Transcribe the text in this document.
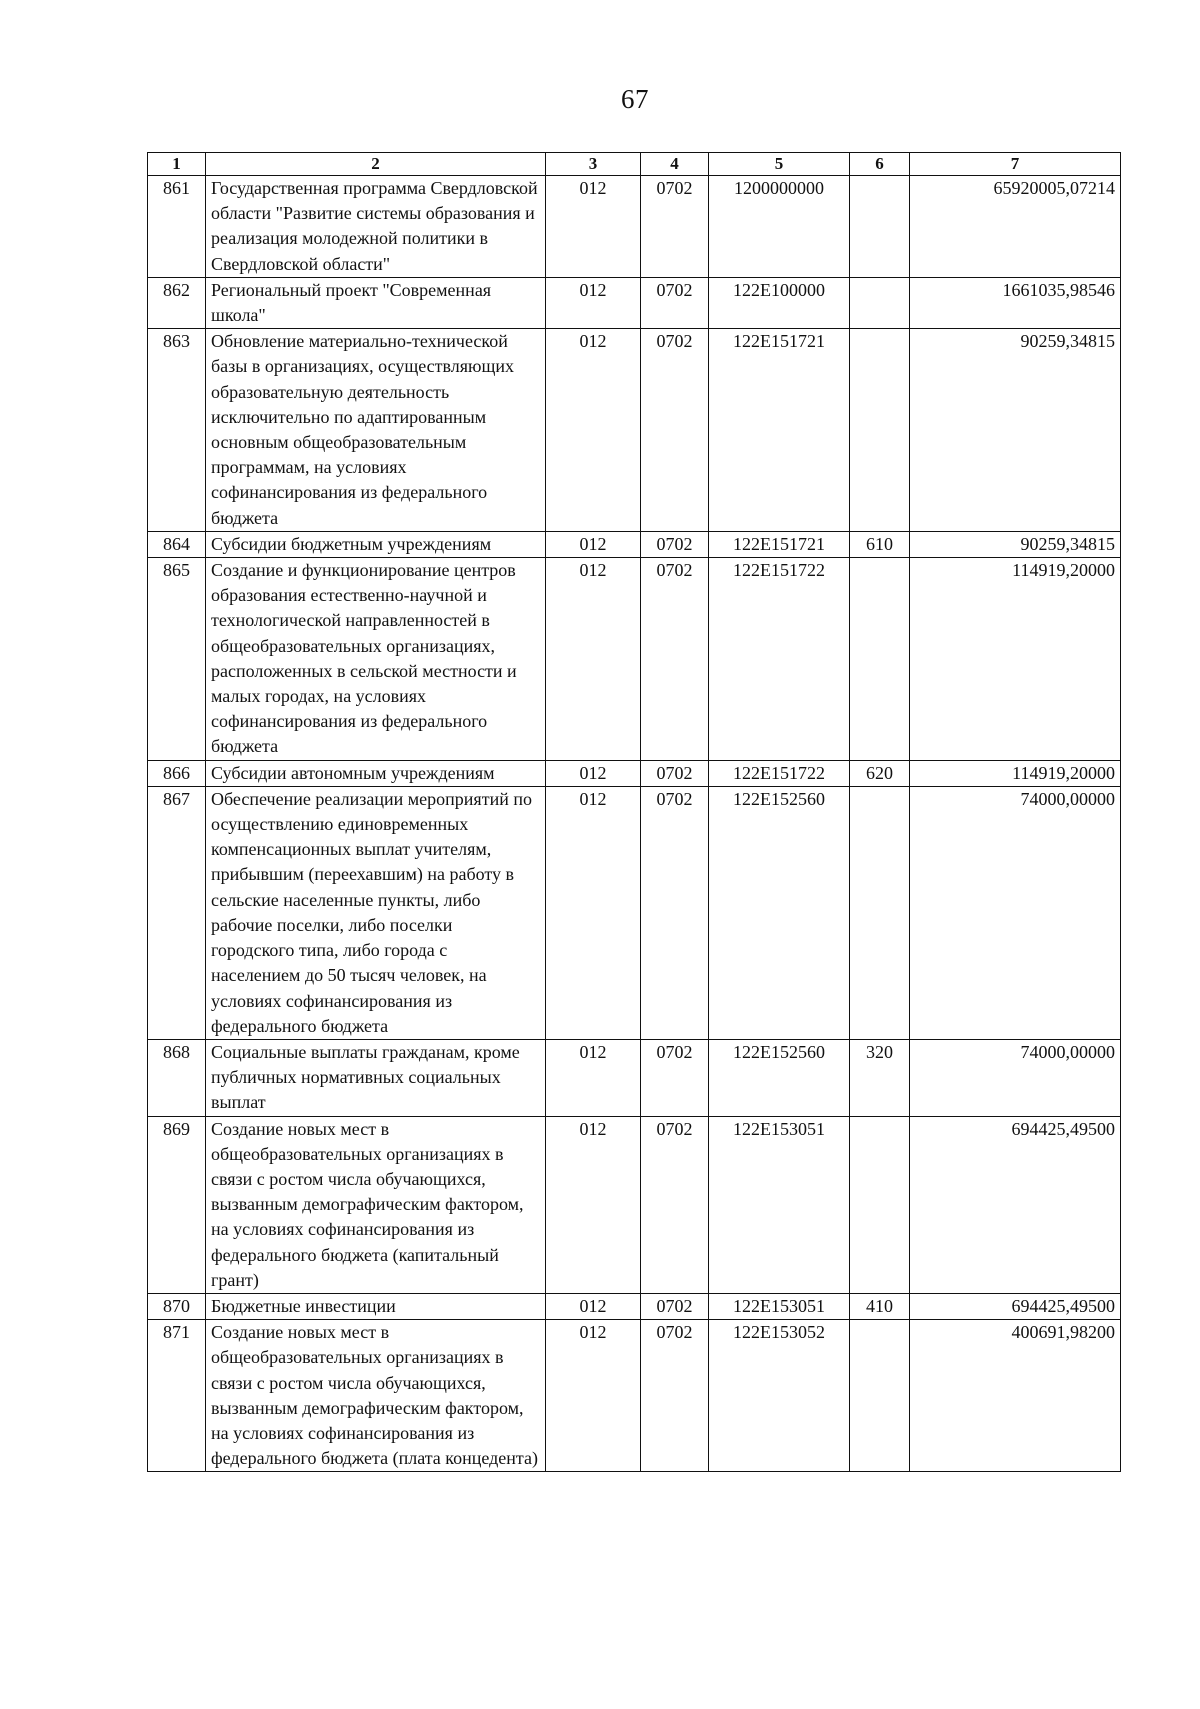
67
1	2	3	4	5	6	7
861	Государственная программа Свердловской области "Развитие системы образования и реализация молодежной политики в Свердловской области"	012	0702	1200000000		65920005,07214
862	Региональный проект "Современная школа"	012	0702	122E100000		1661035,98546
863	Обновление материально-технической базы в организациях, осуществляющих образовательную деятельность исключительно по адаптированным основным общеобразовательным программам, на условиях софинансирования из федерального бюджета	012	0702	122E151721		90259,34815
864	Субсидии бюджетным учреждениям	012	0702	122E151721	610	90259,34815
865	Создание и функционирование центров образования естественно-научной и технологической направленностей в общеобразовательных организациях, расположенных в сельской местности и малых городах, на условиях софинансирования из федерального бюджета	012	0702	122E151722		114919,20000
866	Субсидии автономным учреждениям	012	0702	122E151722	620	114919,20000
867	Обеспечение реализации мероприятий по осуществлению единовременных компенсационных выплат учителям, прибывшим (переехавшим) на работу в сельские населенные пункты, либо рабочие поселки, либо поселки городского типа, либо города с населением до 50 тысяч человек, на условиях софинансирования из федерального бюджета	012	0702	122E152560		74000,00000
868	Социальные выплаты гражданам, кроме публичных нормативных социальных выплат	012	0702	122E152560	320	74000,00000
869	Создание новых мест в общеобразовательных организациях в связи с ростом числа обучающихся, вызванным демографическим фактором, на условиях софинансирования из федерального бюджета (капитальный грант)	012	0702	122E153051		694425,49500
870	Бюджетные инвестиции	012	0702	122E153051	410	694425,49500
871	Создание новых мест в общеобразовательных организациях в связи с ростом числа обучающихся, вызванным демографическим фактором, на условиях софинансирования из федерального бюджета (плата концедента)	012	0702	122E153052		400691,98200
